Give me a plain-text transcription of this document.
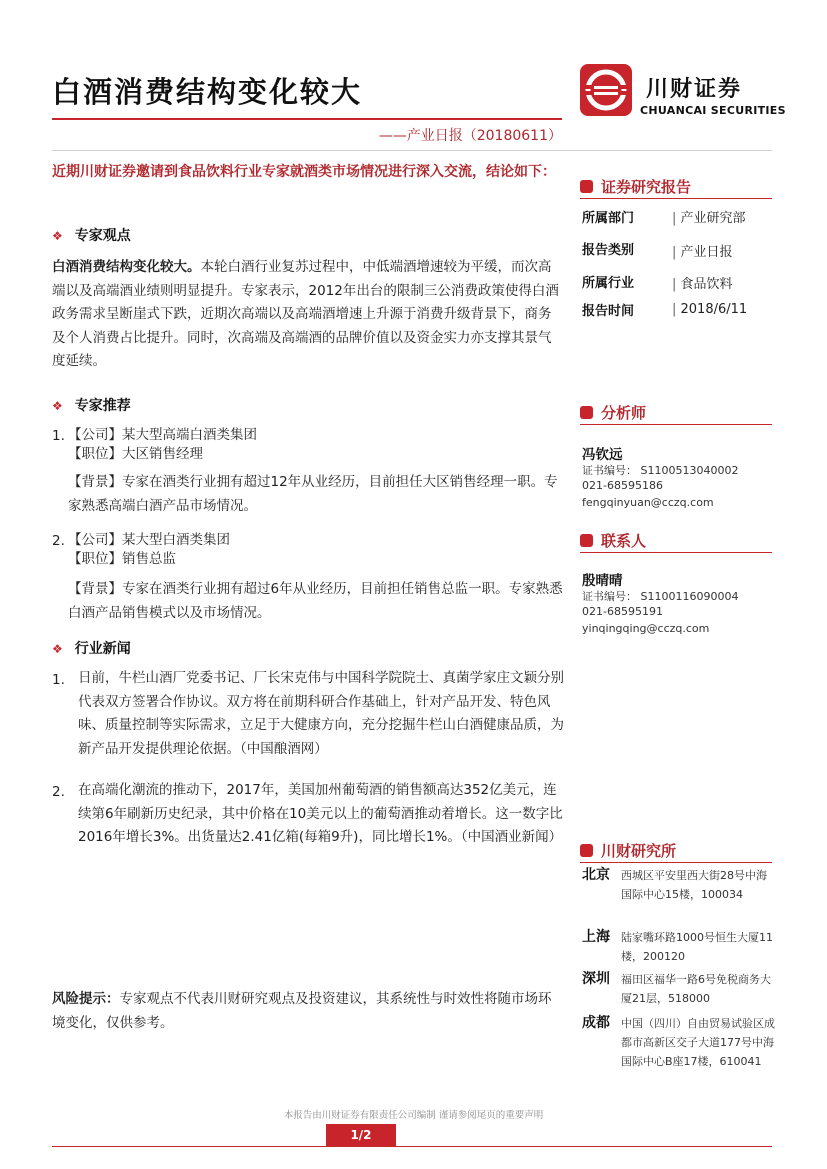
白酒消费结构变化较大	川财证券
CHUANCAI SECURITIES
——产业日报（20180611）
近期川财证券邀请到食品饮料行业专家就酒类市场情况进行深入交流，结论如下：
❖ 专家观点
白酒消费结构变化较大。本轮白酒行业复苏过程中，中低端酒增速较为平缓，而次高端以及高端酒业绩则明显提升。专家表示，2012年出台的限制三公消费政策使得白酒政务需求呈断崖式下跌，近期次高端以及高端酒增速上升源于消费升级背景下，商务及个人消费占比提升。同时，次高端及高端酒的品牌价值以及资金实力亦支撑其景气度延续。
❖ 专家推荐
1. 【公司】某大型高端白酒类集团
【职位】大区销售经理
【背景】专家在酒类行业拥有超过12年从业经历，目前担任大区销售经理一职。专家熟悉高端白酒产品市场情况。
2. 【公司】某大型白酒类集团
【职位】销售总监
【背景】专家在酒类行业拥有超过6年从业经历，目前担任销售总监一职。专家熟悉白酒产品销售模式以及市场情况。
❖ 行业新闻
1. 日前，牛栏山酒厂党委书记、厂长宋克伟与中国科学院院士、真菌学家庄文颖分别代表双方签署合作协议。双方将在前期科研合作基础上，针对产品开发、特色风味、质量控制等实际需求，立足于大健康方向，充分挖掘牛栏山白酒健康品质，为新产品开发提供理论依据。（中国酿酒网）
2. 在高端化潮流的推动下，2017年，美国加州葡萄酒的销售额高达352亿美元，连续第6年刷新历史纪录，其中价格在10美元以上的葡萄酒推动着增长。这一数字比2016年增长3%。出货量达2.41亿箱(每箱9升)，同比增长1%。（中国酒业新闻）
风险提示：专家观点不代表川财研究观点及投资建议，其系统性与时效性将随市场环境变化，仅供参考。
证券研究报告
所属部门	| 产业研究部
报告类别	| 产业日报
所属行业	| 食品饮料
报告时间	| 2018/6/11
分析师
冯钦远
证书编号： S1100513040002
021-68595186
fengqinyuan@cczq.com
联系人
殷晴晴
证书编号： S1100116090004
021-68595191
yinqingqing@cczq.com
川财研究所
北京 西城区平安里西大街28号中海国际中心15楼，100034
上海 陆家嘴环路1000号恒生大厦11楼，200120
深圳 福田区福华一路6号免税商务大厦21层，518000
成都 中国（四川）自由贸易试验区成都市高新区交子大道177号中海国际中心B座17楼，610041
本报告由川财证券有限责任公司编制 谨请参阅尾页的重要声明
1/2
